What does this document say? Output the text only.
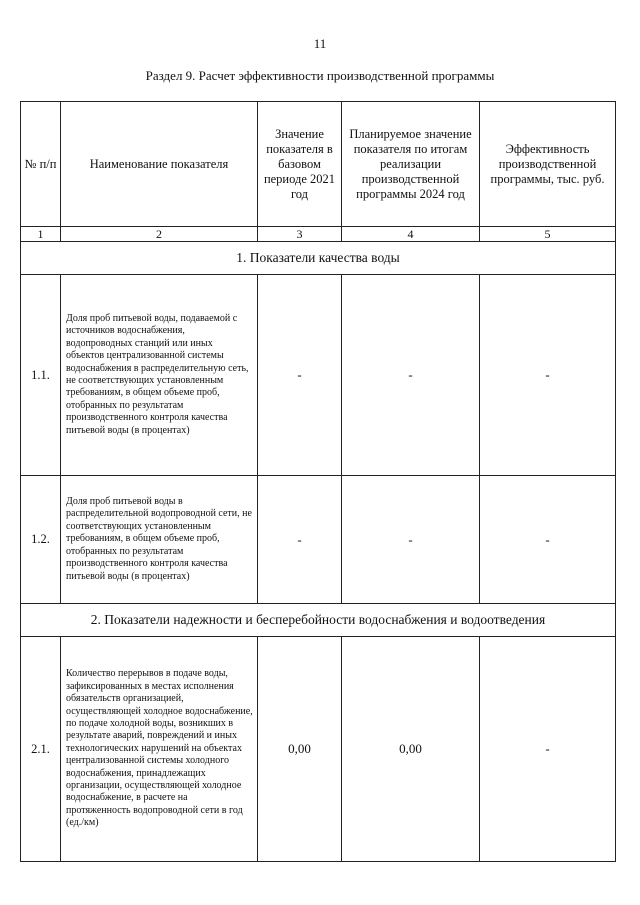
11
Раздел 9. Расчет эффективности производственной программы
№ п/п	Наименование показателя	Значение показателя в базовом периоде 2021 год	Планируемое значение показателя по итогам реализации производственной программы 2024 год	Эффективность производственной программы, тыс. руб.
1	2	3	4	5
1. Показатели качества воды				
1.1.	Доля проб питьевой воды, подаваемой с источников водоснабжения, водопроводных станций или иных объектов централизованной системы водоснабжения в распределительную сеть, не соответствующих установленным требованиям, в общем объеме проб, отобранных по результатам производственного контроля качества питьевой воды (в процентах)	-	-	-
1.2.	Доля проб питьевой воды в распределительной водопроводной сети, не соответствующих установленным требованиям, в общем объеме проб, отобранных по результатам производственного контроля качества питьевой воды (в процентах)	-	-	-
2. Показатели надежности и бесперебойности водоснабжения и водоотведения				
2.1.	Количество перерывов в подаче воды, зафиксированных в местах исполнения обязательств организацией, осуществляющей холодное водоснабжение, по подаче холодной воды, возникших в результате аварий, повреждений и иных технологических нарушений на объектах централизованной системы холодного водоснабжения, принадлежащих организации, осуществляющей холодное водоснабжение, в расчете на протяженность водопроводной сети в год (ед./км)	0,00	0,00	-
